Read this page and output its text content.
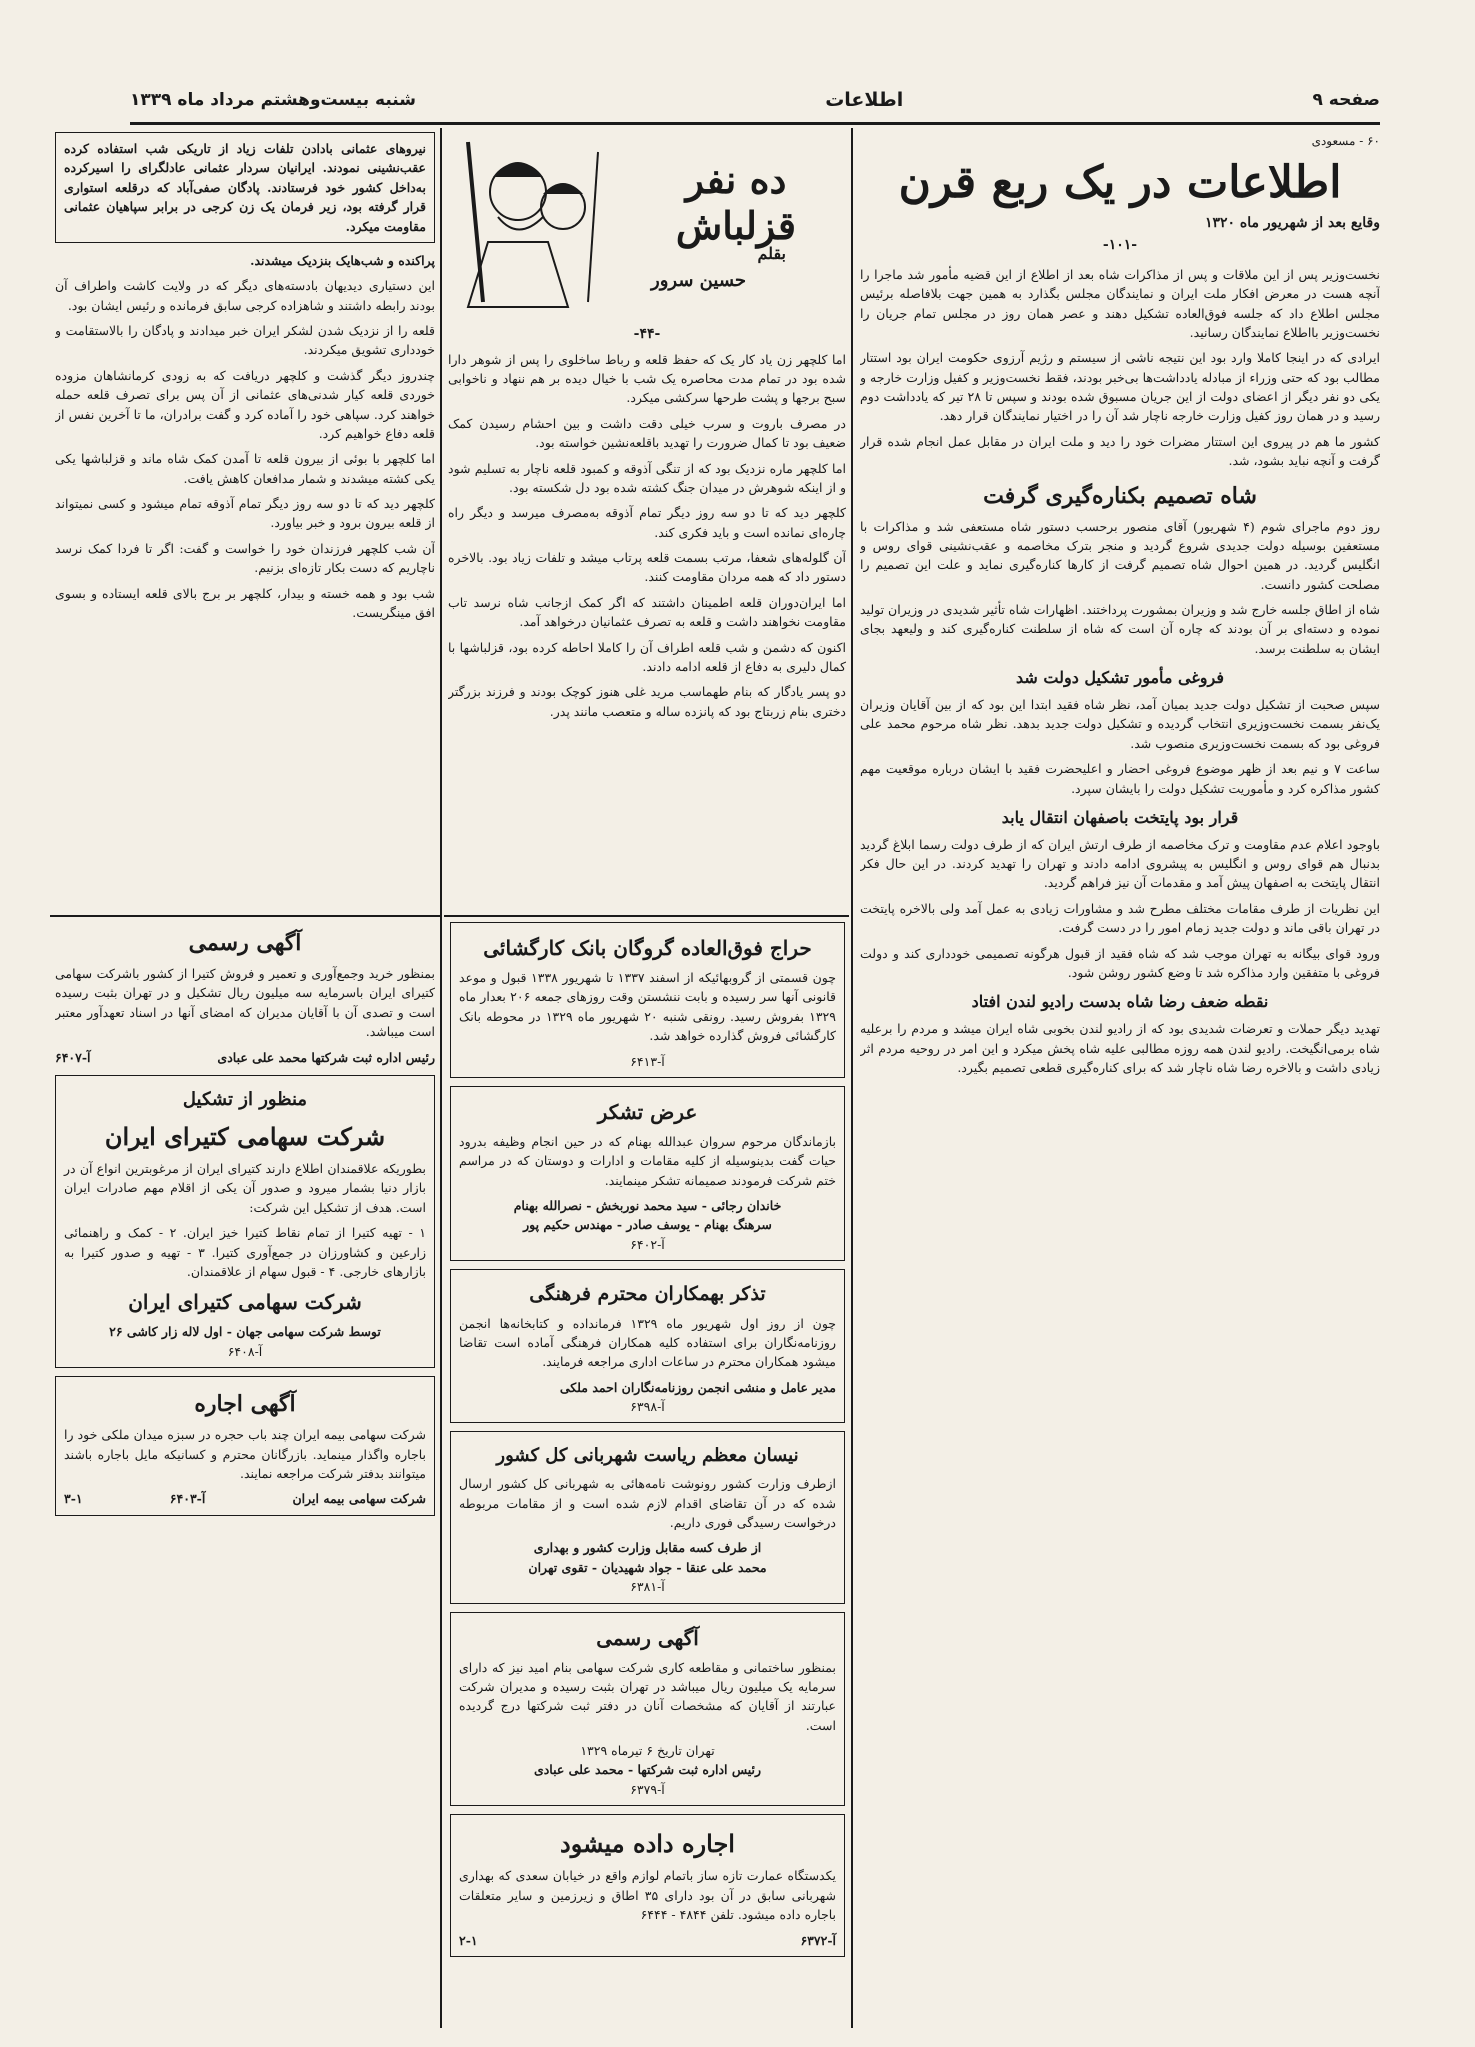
صفحه ۹
اطلاعات
شنبه بیست‌وهشتم مرداد ماه ۱۳۳۹
۶۰ - مسعودی
اطلاعات در یک ربع قرن
وقایع بعد از شهریور ماه ۱۳۲۰
-۱۰۱-

نخست‌وزیر پس از این ملاقات و پس از مذاکرات شاه بعد از اطلاع از این قضیه مأمور شد ماجرا را آنچه هست در معرض افکار ملت ایران و نمایندگان مجلس بگذارد به همین جهت بلافاصله برئیس مجلس اطلاع داد که جلسه فوق‌العاده تشکیل دهند و عصر همان روز در مجلس تمام جریان را نخست‌وزیر بااطلاع نمایندگان رسانید.

ایرادی که در اینجا کاملا وارد بود این نتیجه ناشی از سیستم و رژیم آرزوی حکومت ایران بود استتار مطالب بود که حتی وزراء از مبادله یادداشت‌ها بی‌خبر بودند، فقط نخست‌وزیر و کفیل وزارت خارجه و یکی دو نفر دیگر از اعضای دولت از این جریان مسبوق شده بودند و سپس تا ۲۸ تیر که یادداشت دوم رسید و در همان روز کفیل وزارت خارجه ناچار شد آن را در اختیار نمایندگان قرار دهد.

کشور ما هم در پیروی این استتار مضرات خود را دید و ملت ایران در مقابل عمل انجام شده قرار گرفت و آنچه نباید بشود، شد.

شاه تصمیم بکناره‌گیری گرفت

روز دوم ماجرای شوم (۴ شهریور) آقای منصور برحسب دستور شاه مستعفی شد و مذاکرات با مستعفین بوسیله دولت جدیدی شروع گردید و منجر بترک مخاصمه و عقب‌نشینی قوای روس و انگلیس گردید. در همین احوال شاه تصمیم گرفت از کارها کناره‌گیری نماید و علت این تصمیم را مصلحت کشور دانست.

شاه از اطاق جلسه خارج شد و وزیران بمشورت پرداختند. اظهارات شاه تأثیر شدیدی در وزیران تولید نموده و دسته‌ای بر آن بودند که چاره آن است که شاه از سلطنت کناره‌گیری کند و ولیعهد بجای ایشان به سلطنت برسد.

فروغی مأمور تشکیل دولت شد

سپس صحبت از تشکیل دولت جدید بمیان آمد، نظر شاه فقید ابتدا این بود که از بین آقایان وزیران یک‌نفر بسمت نخست‌وزیری انتخاب گردیده و تشکیل دولت جدید بدهد. نظر شاه مرحوم محمد علی فروغی بود که بسمت نخست‌وزیری منصوب شد.

ساعت ۷ و نیم بعد از ظهر موضوع فروغی احضار و اعلیحضرت فقید با ایشان درباره موقعیت مهم کشور مذاکره کرد و مأموریت تشکیل دولت را بایشان سپرد.

قرار بود پایتخت باصفهان انتقال یابد

باوجود اعلام عدم مقاومت و ترک مخاصمه از طرف ارتش ایران که از طرف دولت رسما ابلاغ گردید بدنبال هم قوای روس و انگلیس به پیشروی ادامه دادند و تهران را تهدید کردند. در این حال فکر انتقال پایتخت به اصفهان پیش آمد و مقدمات آن نیز فراهم گردید.

این نظریات از طرف مقامات مختلف مطرح شد و مشاورات زیادی به عمل آمد ولی بالاخره پایتخت در تهران باقی ماند و دولت جدید زمام امور را در دست گرفت.

ورود قوای بیگانه به تهران موجب شد که شاه فقید از قبول هرگونه تصمیمی خودداری کند و دولت فروغی با متفقین وارد مذاکره شد تا وضع کشور روشن شود.

نقطه ضعف رضا شاه بدست رادیو لندن افتاد

تهدید دیگر حملات و تعرضات شدیدی بود که از رادیو لندن بخوبی شاه ایران میشد و مردم را برعلیه شاه برمی‌انگیخت. رادیو لندن همه روزه مطالبی علیه شاه پخش میکرد و این امر در روحیه مردم اثر زیادی داشت و بالاخره رضا شاه ناچار شد که برای کناره‌گیری قطعی تصمیم بگیرد.

ده نفر قزلباش
بقلم
حسین سرور
-۴۴-

اما کلچهر زن یاد کار یک که حفظ قلعه و رباط ساخلوی را پس از شوهر دارا شده بود در تمام مدت محاصره یک شب با خیال دیده بر هم ننهاد و ناخوابی سبح برجها و پشت طرحها سرکشی میکرد.

در مصرف باروت و سرب خیلی دقت داشت و بین احشام رسیدن کمک ضعیف بود تا کمال ضرورت را تهدید باقلعه‌نشین خواسته بود.

اما کلچهر ماره نزدیک بود که از تنگی آذوقه و کمبود قلعه ناچار به تسلیم شود و از اینکه شوهرش در میدان جنگ کشته شده بود دل شکسته بود.

کلچهر دید که تا دو سه روز دیگر تمام آذوقه به‌مصرف میرسد و دیگر راه چاره‌ای نمانده است و باید فکری کند.

آن گلوله‌های شعفا، مرتب بسمت قلعه پرتاب میشد و تلفات زیاد بود. بالاخره دستور داد که همه مردان مقاومت کنند.

اما ایران‌دوران قلعه اطمینان داشتند که اگر کمک ازجانب شاه نرسد تاب مقاومت نخواهند داشت و قلعه به تصرف عثمانیان درخواهد آمد.

اکنون که دشمن و شب قلعه اطراف آن را کاملا احاطه کرده بود، قزلباشها با کمال دلیری به دفاع از قلعه ادامه دادند.

دو پسر یادگار که بنام طهماسب مرید غلی هنوز کوچک بودند و فرزند بزرگتر دختری بنام زربتاج بود که پانزده ساله و متعصب مانند پدر.

حراج فوق‌العاده گروگان بانک کارگشائی

چون قسمتی از گروبهائیکه از اسفند ۱۳۳۷ تا شهریور ۱۳۳۸ قبول و موعد قانونی آنها سر رسیده و بابت ننشستن وقت روزهای جمعه ۲۰۶ بعدار ماه ۱۳۲۹ بفروش رسید. رونقی شنبه ۲۰ شهریور ماه ۱۳۲۹ در محوطه بانک کارگشائی فروش گذارده خواهد شد.

آ-۶۴۱۳
عرض تشکر

بازماندگان مرحوم سروان عبدالله بهنام که در حین انجام وظیفه بدرود حیات گفت بدینوسیله از کلیه مقامات و ادارات و دوستان که در مراسم ختم شرکت فرمودند صمیمانه تشکر مینمایند.

خاندان رجائی - سید محمد نوربخش - نصرالله بهنام
سرهنگ بهنام - یوسف صادر - مهندس حکیم پور
آ-۶۴۰۲
تذکر بهمکاران محترم فرهنگی

چون از روز اول شهریور ماه ۱۳۲۹ فرمانداده و کتابخانه‌ها انجمن روزنامه‌نگاران برای استفاده کلیه همکاران فرهنگی آماده است تقاضا میشود همکاران محترم در ساعات اداری مراجعه فرمایند.

مدیر عامل و منشی انجمن روزنامه‌نگاران احمد ملکی
آ-۶۳۹۸
نیسان معظم ریاست شهربانی کل کشور

ازطرف وزارت کشور رونوشت نامه‌هائی به شهربانی کل کشور ارسال شده که در آن تقاضای اقدام لازم شده است و از مقامات مربوطه درخواست رسیدگی فوری داریم.

از طرف کسه مقابل وزارت کشور و بهداری
محمد علی عنقا - جواد شهیدیان - تقوی تهران
آ-۶۳۸۱
آگهی رسمی

بمنظور ساختمانی و مقاطعه کاری شرکت سهامی بنام امید نیز که دارای سرمایه یک میلیون ریال میباشد در تهران بثبت رسیده و مدیران شرکت عبارتند از آقایان که مشخصات آنان در دفتر ثبت شرکتها درج گردیده است.

تهران تاریخ ۶ تیرماه ۱۳۲۹
رئیس اداره ثبت شرکتها - محمد علی عبادی
آ-۶۳۷۹
اجاره داده میشود

یکدستگاه عمارت تازه ساز باتمام لوازم واقع در خیابان سعدی که بهداری شهربانی سابق در آن بود دارای ۳۵ اطاق و زیرزمین و سایر متعلقات باجاره داده میشود. تلفن ۴۸۴۴ - ۶۴۴۴

آ-۶۳۷۲
۲-۱
نیروهای عثمانی بادادن تلفات زیاد از تاریکی شب استفاده کرده عقب‌نشینی نمودند. ایرانیان سردار عثمانی عادلگرای را اسیرکرده به‌داخل کشور خود فرستادند. پادگان صفی‌آباد که درقلعه استواری قرار گرفته بود، زیر فرمان یک زن کرجی در برابر سپاهیان عثمانی مقاومت میکرد.

پراکنده و شب‌هایک بنزدیک میشدند.

این دستیاری دیدیهان بادسته‌های دیگر که در ولایت کاشت واطراف آن بودند رابطه داشتند و شاهزاده کرجی سابق فرمانده و رئیس ایشان بود.

قلعه را از نزدیک شدن لشکر ایران خبر میدادند و پادگان را بالاستقامت و خودداری تشویق میکردند.

چندروز دیگر گذشت و کلچهر دریافت که به زودی کرمانشاهان مزوده خوردی قلعه کیار شدنی‌های عثمانی از آن پس برای تصرف قلعه حمله خواهند کرد. سپاهی خود را آماده کرد و گفت برادران، ما تا آخرین نفس از قلعه دفاع خواهیم کرد.

اما کلچهر با بوئی از بیرون قلعه تا آمدن کمک شاه ماند و قزلباشها یکی یکی کشته میشدند و شمار مدافعان کاهش یافت.

کلچهر دید که تا دو سه روز دیگر تمام آذوقه تمام میشود و کسی نمیتواند از قلعه بیرون برود و خبر بیاورد.

آن شب کلچهر فرزندان خود را خواست و گفت: اگر تا فردا کمک نرسد ناچاریم که دست بکار تازه‌ای بزنیم.

شب بود و همه خسته و بیدار، کلچهر بر برج بالای قلعه ایستاده و بسوی افق مینگریست.

آگهی رسمی

بمنظور خرید وجمع‌آوری و تعمیر و فروش کتیرا از کشور باشرکت سهامی کتیرای ایران باسرمایه سه میلیون ریال تشکیل و در تهران بثبت رسیده است و تصدی آن با آقایان مدیران که امضای آنها در اسناد تعهدآور معتبر است میباشد.

رئیس اداره ثبت شرکتها محمد علی عبادی
آ-۶۴۰۷
منظور از تشکیل
شرکت سهامی کتیرای ایران

بطوریکه علاقمندان اطلاع دارند کتیرای ایران از مرغوبترین انواع آن در بازار دنیا بشمار میرود و صدور آن یکی از اقلام مهم صادرات ایران است. هدف از تشکیل این شرکت:

۱ - تهیه کتیرا از تمام نقاط کتیرا خیز ایران. ۲ - کمک و راهنمائی زارعین و کشاورزان در جمع‌آوری کتیرا. ۳ - تهیه و صدور کتیرا به بازارهای خارجی. ۴ - قبول سهام از علاقمندان.

شرکت سهامی کتیرای ایران
توسط شرکت سهامی جهان - اول لاله زار کاشی ۲۶
آ-۶۴۰۸
آگهی اجاره

شرکت سهامی بیمه ایران چند باب حجره در سبزه میدان ملکی خود را باجاره واگذار مینماید. بازرگانان محترم و کسانیکه مایل باجاره باشند میتوانند بدفتر شرکت مراجعه نمایند.

شرکت سهامی بیمه ایران
آ-۶۴۰۳
۳-۱
